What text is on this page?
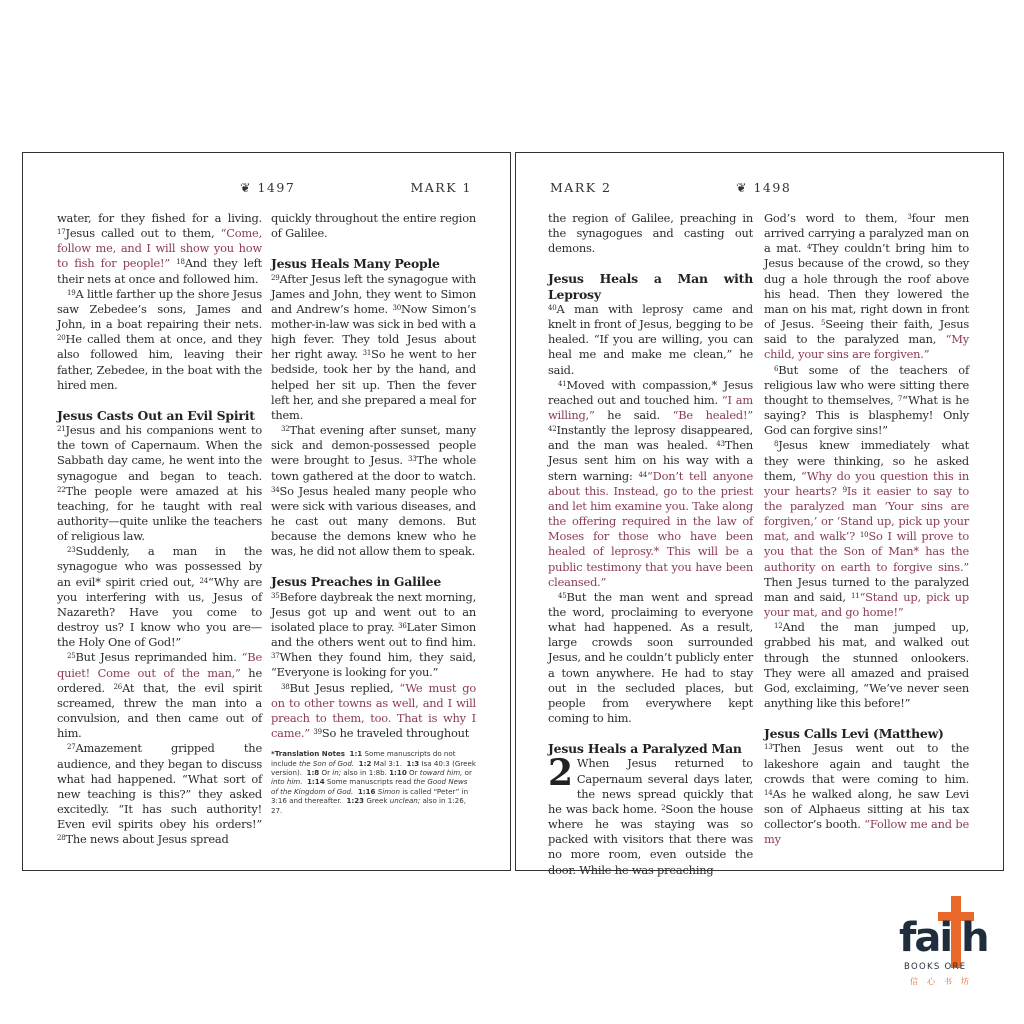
❦ 1497	MARK 1

water, for they fished for a living. $^{17}$Jesus called out to them, “Come, follow me, and I will show you how to fish for people!” $^{18}$And they left their nets at once and followed him.

$^{19}$A little farther up the shore Jesus saw Zebedee’s sons, James and John, in a boat repairing their nets. $^{20}$He called them at once, and they also followed him, leaving their father, Zebedee, in the boat with the hired men.

Jesus Casts Out an Evil Spirit

$^{21}$Jesus and his companions went to the town of Capernaum. When the Sabbath day came, he went into the synagogue and began to teach. $^{22}$The people were amazed at his teaching, for he taught with real authority—quite unlike the teachers of religious law.

$^{23}$Suddenly, a man in the synagogue who was possessed by an evil* spirit cried out, $^{24}$“Why are you interfering with us, Jesus of Nazareth? Have you come to destroy us? I know who you are—the Holy One of God!”

$^{25}$But Jesus reprimanded him. “Be quiet! Come out of the man,” he ordered. $^{26}$At that, the evil spirit screamed, threw the man into a convulsion, and then came out of him.

$^{27}$Amazement gripped the audience, and they began to discuss what had happened. “What sort of new teaching is this?” they asked excitedly. “It has such authority! Even evil spirits obey his orders!” $^{28}$The news about Jesus spread

quickly throughout the entire region of Galilee.

Jesus Heals Many People

$^{29}$After Jesus left the synagogue with James and John, they went to Simon and Andrew’s home. $^{30}$Now Simon’s mother-in-law was sick in bed with a high fever. They told Jesus about her right away. $^{31}$So he went to her bedside, took her by the hand, and helped her sit up. Then the fever left her, and she prepared a meal for them.

$^{32}$That evening after sunset, many sick and demon-possessed people were brought to Jesus. $^{33}$The whole town gathered at the door to watch. $^{34}$So Jesus healed many people who were sick with various diseases, and he cast out many demons. But because the demons knew who he was, he did not allow them to speak.

Jesus Preaches in Galilee

$^{35}$Before daybreak the next morning, Jesus got up and went out to an isolated place to pray. $^{36}$Later Simon and the others went out to find him. $^{37}$When they found him, they said, “Everyone is looking for you.”

$^{38}$But Jesus replied, “We must go on to other towns as well, and I will preach to them, too. That is why I came.” $^{39}$So he traveled throughout

*Translation Notes 1:1 Some manuscripts do not include the Son of God. 1:2 Mal 3:1.  1:3 Isa 40:3 (Greek version).  1:8 Or in; also in 1:8b. 1:10 Or toward him, or into him. 1:14 Some manuscripts read the Good News of the Kingdom of God. 1:16 Simon is called “Peter” in 3:16 and thereafter.  1:23 Greek unclean; also in 1:26, 27.
MARK 2	❦ 1498

the region of Galilee, preaching in the synagogues and casting out demons.

Jesus Heals a Man with Leprosy

$^{40}$A man with leprosy came and knelt in front of Jesus, begging to be healed. “If you are willing, you can heal me and make me clean,” he said.

$^{41}$Moved with compassion,* Jesus reached out and touched him. “I am willing,” he said. “Be healed!” $^{42}$Instantly the leprosy disappeared, and the man was healed. $^{43}$Then Jesus sent him on his way with a stern warning: $^{44}$“Don’t tell anyone about this. Instead, go to the priest and let him examine you. Take along the offering required in the law of Moses for those who have been healed of leprosy.* This will be a public testimony that you have been cleansed.”

$^{45}$But the man went and spread the word, proclaiming to everyone what had happened. As a result, large crowds soon surrounded Jesus, and he couldn’t publicly enter a town anywhere. He had to stay out in the secluded places, but people from everywhere kept coming to him.

Jesus Heals a Paralyzed Man

2 When Jesus returned to Capernaum several days later, the news spread quickly that he was back home. $^2$Soon the house where he was staying was so packed with visitors that there was no more room, even outside the door. While he was preaching

God’s word to them, $^3$four men arrived carrying a paralyzed man on a mat. $^4$They couldn’t bring him to Jesus because of the crowd, so they dug a hole through the roof above his head. Then they lowered the man on his mat, right down in front of Jesus. $^5$Seeing their faith, Jesus said to the paralyzed man, “My child, your sins are forgiven.”

$^6$But some of the teachers of religious law who were sitting there thought to themselves, $^7$“What is he saying? This is blasphemy! Only God can forgive sins!”

$^8$Jesus knew immediately what they were thinking, so he asked them, “Why do you question this in your hearts? $^9$Is it easier to say to the paralyzed man ‘Your sins are forgiven,’ or ‘Stand up, pick up your mat, and walk’? $^{10}$So I will prove to you that the Son of Man* has the authority on earth to forgive sins.” Then Jesus turned to the paralyzed man and said, $^{11}$“Stand up, pick up your mat, and go home!”

$^{12}$And the man jumped up, grabbed his mat, and walked out through the stunned onlookers. They were all amazed and praised God, exclaiming, “We’ve never seen anything like this before!”

Jesus Calls Levi (Matthew)

$^{13}$Then Jesus went out to the lakeshore again and taught the crowds that were coming to him. $^{14}$As he walked along, he saw Levi son of Alphaeus sitting at his tax collector’s booth. “Follow me and be my

fai h
BOOKS ORE
信心书坊
